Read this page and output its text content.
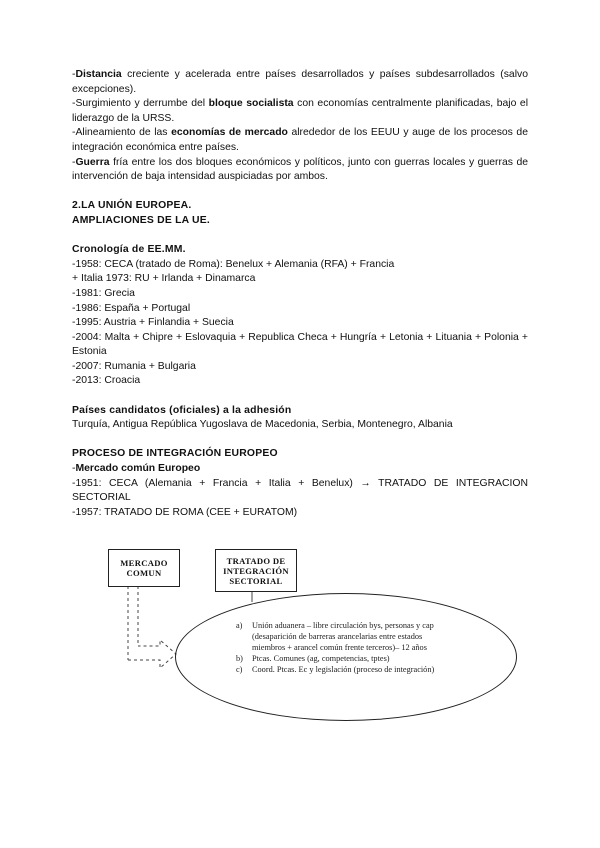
-Distancia creciente y acelerada entre países desarrollados y países subdesarrollados (salvo excepciones).

-Surgimiento y derrumbe del bloque socialista con economías centralmente planificadas, bajo el liderazgo de la URSS.

-Alineamiento de las economías de mercado alrededor de los EEUU y auge de los procesos de integración económica entre países.

-Guerra fría entre los dos bloques económicos y políticos, junto con guerras locales y guerras de intervención de baja intensidad auspiciadas por ambos.

2.LA UNIÓN EUROPEA.

AMPLIACIONES DE LA UE.

Cronología de EE.MM.

-1958: CECA (tratado de Roma): Benelux + Alemania (RFA) + Francia

+ Italia 1973: RU + Irlanda + Dinamarca

-1981: Grecia

-1986: España + Portugal

-1995: Austria + Finlandia + Suecia

-2004: Malta + Chipre + Eslovaquia + Republica Checa + Hungría + Letonia + Lituania + Polonia + Estonia

-2007: Rumania + Bulgaria

-2013: Croacia

Países candidatos (oficiales) a la adhesión

Turquía, Antigua República Yugoslava de Macedonia, Serbia, Montenegro, Albania

PROCESO DE INTEGRACIÓN EUROPEO

-Mercado común Europeo

-1951: CECA (Alemania + Francia + Italia + Benelux) → TRATADO DE INTEGRACION SECTORIAL

-1957: TRATADO DE ROMA (CEE + EURATOM)

MERCADO
COMUN
TRATADO DE
INTEGRACIÓN
SECTORIAL
a)	Unión aduanera – libre circulación bys, personas y cap (desaparición de barreras arancelarias entre estados miembros + arancel común frente terceros)– 12 años
b)	Ptcas. Comunes (ag, competencias, tptes)
c)	Coord. Ptcas. Ec y legislación (proceso de integración)
